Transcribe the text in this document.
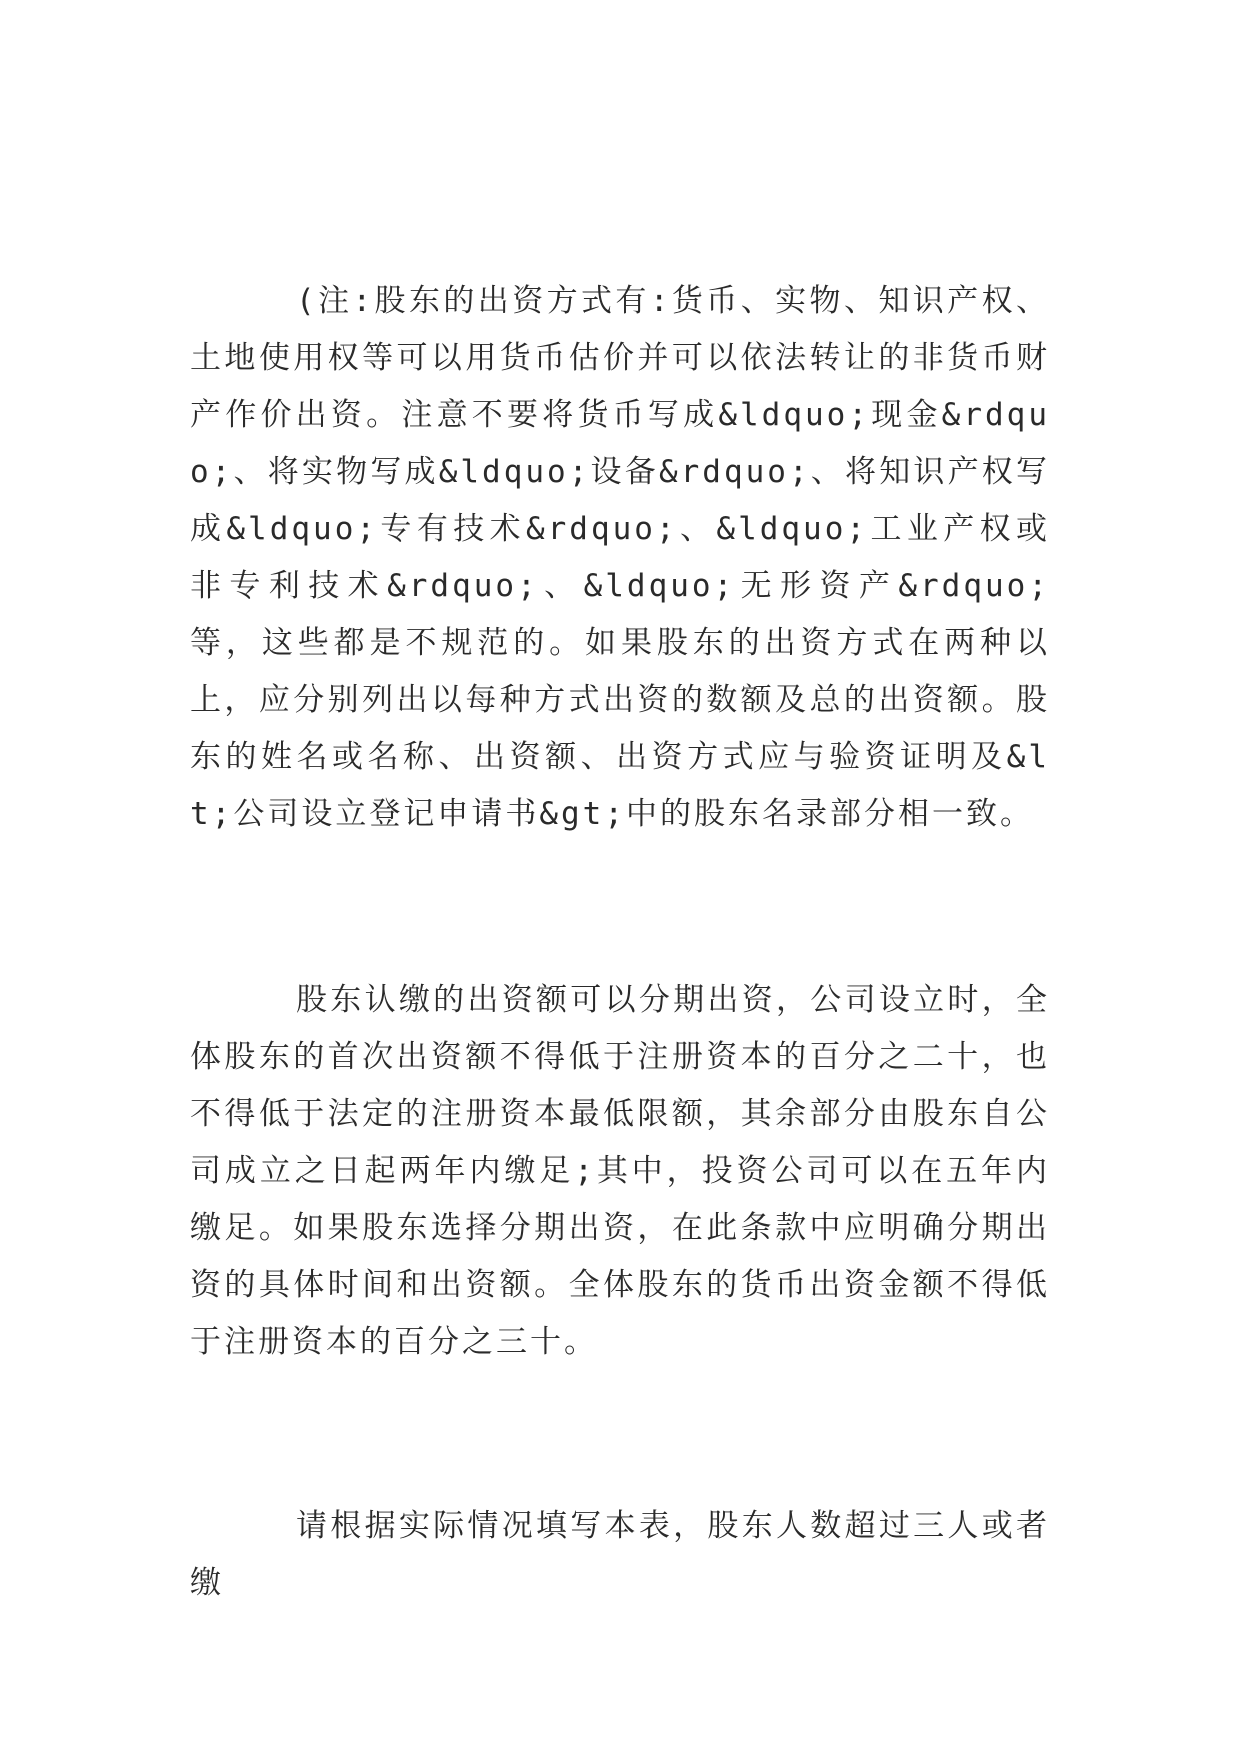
(注:股东的出资方式有:货币、实物、知识产权、土地使用权等可以用货币估价并可以依法转让的非货币财产作价出资。注意不要将货币写成&ldquo;现金&rdquo;、将实物写成&ldquo;设备&rdquo;、将知识产权写成&ldquo;专有技术&rdquo;、&ldquo;工业产权或非专利技术&rdquo;、&ldquo;无形资产&rdquo;等，这些都是不规范的。如果股东的出资方式在两种以上，应分别列出以每种方式出资的数额及总的出资额。股东的姓名或名称、出资额、出资方式应与验资证明及&lt;公司设立登记申请书&gt;中的股东名录部分相一致。

股东认缴的出资额可以分期出资，公司设立时，全体股东的首次出资额不得低于注册资本的百分之二十，也不得低于法定的注册资本最低限额，其余部分由股东自公司成立之日起两年内缴足;其中，投资公司可以在五年内缴足。如果股东选择分期出资，在此条款中应明确分期出资的具体时间和出资额。全体股东的货币出资金额不得低于注册资本的百分之三十。

请根据实际情况填写本表，股东人数超过三人或者缴
